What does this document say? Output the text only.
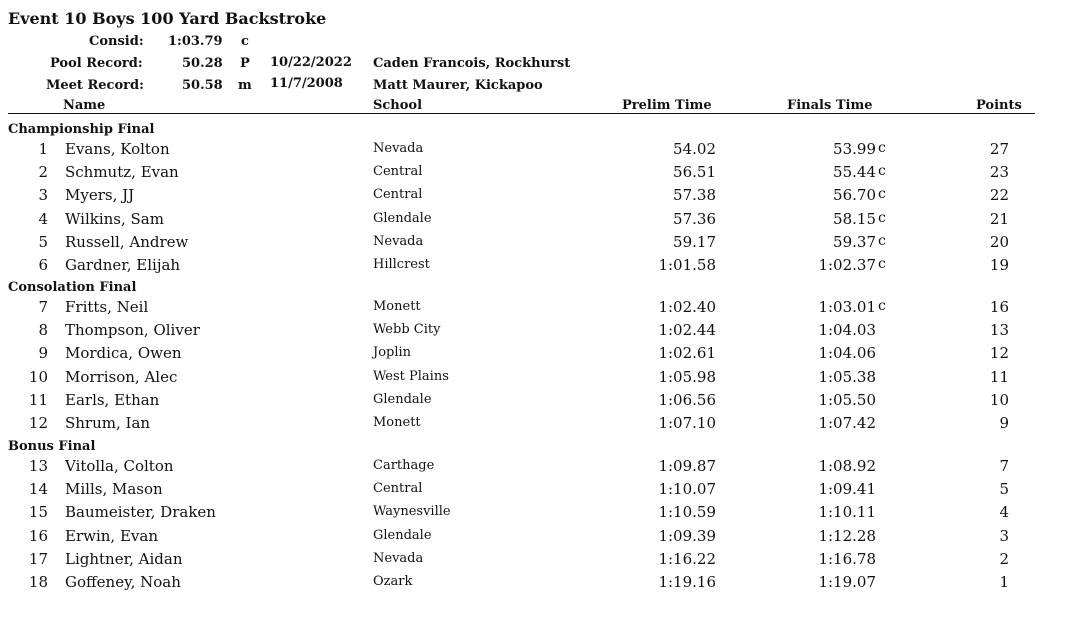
Event 10 Boys 100 Yard Backstroke
Consid: 1:03.79 c
Pool Record:	50.28 P 10/22/2022 Caden Francois, Rockhurst
Meet Record:	50.58 m 11/7/2008 Matt Maurer, Kickapoo
Name	School	Prelim Time	Finals Time	Points
Championship Final
Consolation Final
Bonus Final
1 Evans, Kolton	Nevada	54.02	53.99 c	27
2 Schmutz, Evan	Central	56.51	55.44 c	23
3 Myers, JJ	Central	57.38	56.70 c	22
4 Wilkins, Sam	Glendale	57.36	58.15 c	21
5 Russell, Andrew	Nevada	59.17	59.37 c	20
6 Gardner, Elijah	Hillcrest	1:01.58	1:02.37 c	19
7 Fritts, Neil	Monett	1:02.40	1:03.01 c	16
8 Thompson, Oliver	Webb City	1:02.44	1:04.03	13
9 Mordica, Owen	Joplin	1:02.61	1:04.06	12
10 Morrison, Alec	West Plains	1:05.98	1:05.38	11
11 Earls, Ethan	Glendale	1:06.56	1:05.50	10
12 Shrum, Ian	Monett	1:07.10	1:07.42	9
13 Vitolla, Colton	Carthage	1:09.87	1:08.92	7
14 Mills, Mason	Central	1:10.07	1:09.41	5
15 Baumeister, Draken	Waynesville	1:10.59	1:10.11	4
16 Erwin, Evan	Glendale	1:09.39	1:12.28	3
17 Lightner, Aidan	Nevada	1:16.22	1:16.78	2
18 Goffeney, Noah	Ozark	1:19.16	1:19.07	1
